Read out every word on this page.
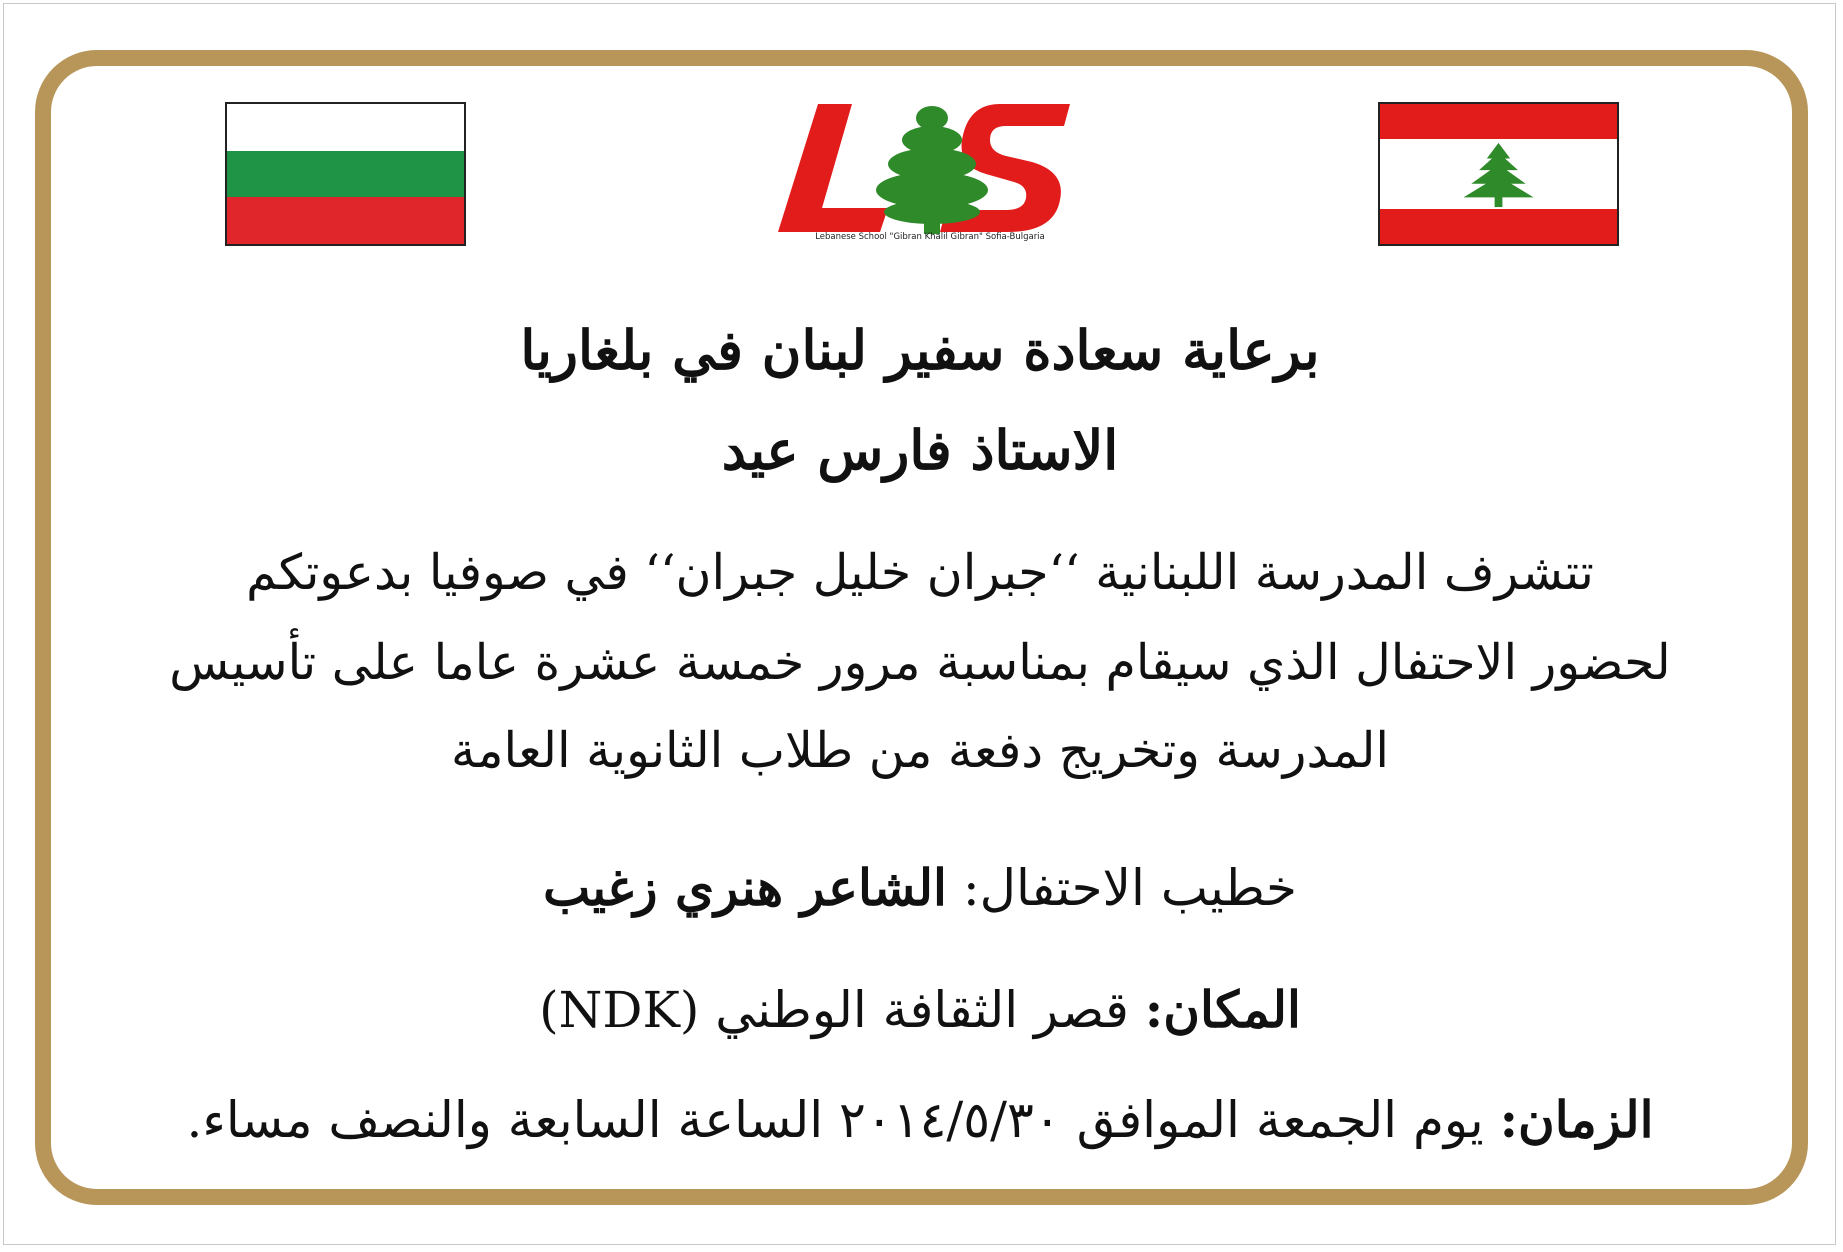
Lebanese School "Gibran Khalil Gibran" Sofia-Bulgaria
برعاية سعادة سفير لبنان في بلغاريا
الاستاذ فارس عيد
تتشرف المدرسة اللبنانية ‘‘جبران خليل جبران‘‘ في صوفيا بدعوتكم
لحضور الاحتفال الذي سيقام بمناسبة مرور خمسة عشرة عاما على تأسيس
المدرسة وتخريج دفعة من طلاب الثانوية العامة
خطيب الاحتفال: الشاعر هنري زغيب
المكان: قصر الثقافة الوطني (NDK)
الزمان: يوم الجمعة الموافق ٢٠١٤/٥/٣٠ الساعة السابعة والنصف مساء.
